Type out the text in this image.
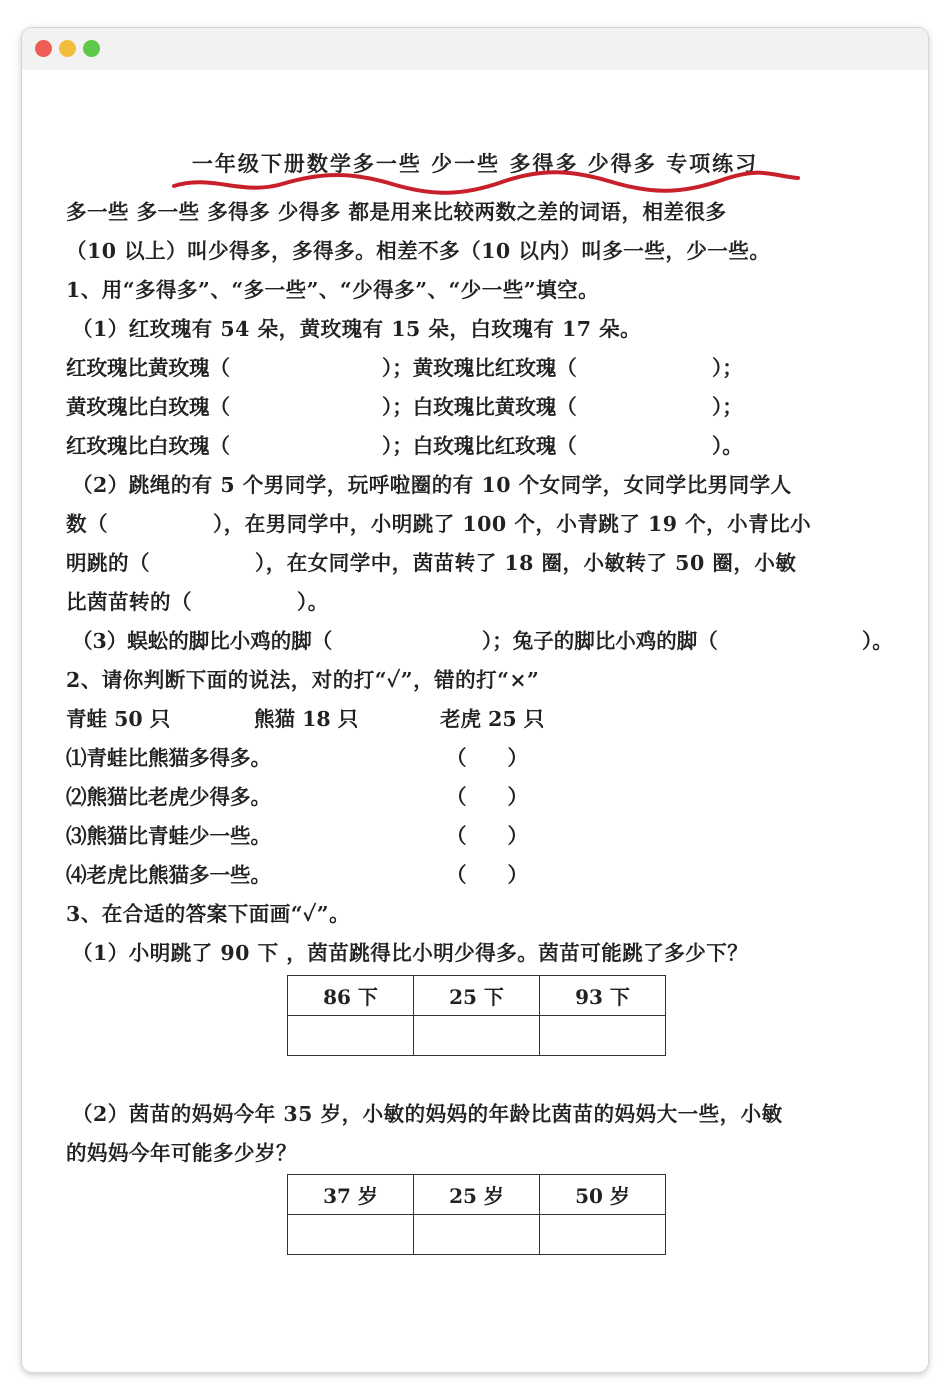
一年级下册数学多一些 少一些 多得多 少得多 专项练习
多一些 多一些 多得多 少得多 都是用来比较两数之差的词语，相差很多
（10 以上）叫少得多，多得多。相差不多（10 以内）叫多一些，少一些。
1、用“多得多”、“多一些”、“少得多”、“少一些”填空。
（1）红玫瑰有 54 朵，黄玫瑰有 15 朵，白玫瑰有 17 朵。
红玫瑰比黄玫瑰（	）；黄玫瑰比红玫瑰（	）；
黄玫瑰比白玫瑰（	）；白玫瑰比黄玫瑰（	）；
红玫瑰比白玫瑰（	）；白玫瑰比红玫瑰（	）。
（2）跳绳的有 5 个男同学，玩呼啦圈的有 10 个女同学，女同学比男同学人
数（　　　　　），在男同学中，小明跳了 100 个，小青跳了 19 个，小青比小
明跳的（　　　　　），在女同学中，茵苗转了 18 圈，小敏转了 50 圈，小敏
比茵苗转的（　　　　　）。
（3）蜈蚣的脚比小鸡的脚（	）；兔子的脚比小鸡的脚（	）。
2、请你判断下面的说法，对的打“✓”，错的打“×”
青蛙 50 只	熊猫 18 只	老虎 25 只
⑴青蛙比熊猫多得多。	（　　）
⑵熊猫比老虎少得多。	（　　）
⑶熊猫比青蛙少一些。	（　　）
⑷老虎比熊猫多一些。	（　　）
3、在合适的答案下面画“✓”。
（1）小明跳了 90 下 ，茵苗跳得比小明少得多。茵苗可能跳了多少下？
86 下	25 下	93 下

（2）茵苗的妈妈今年 35 岁，小敏的妈妈的年龄比茵苗的妈妈大一些，小敏
的妈妈今年可能多少岁？
37 岁	25 岁	50 岁
